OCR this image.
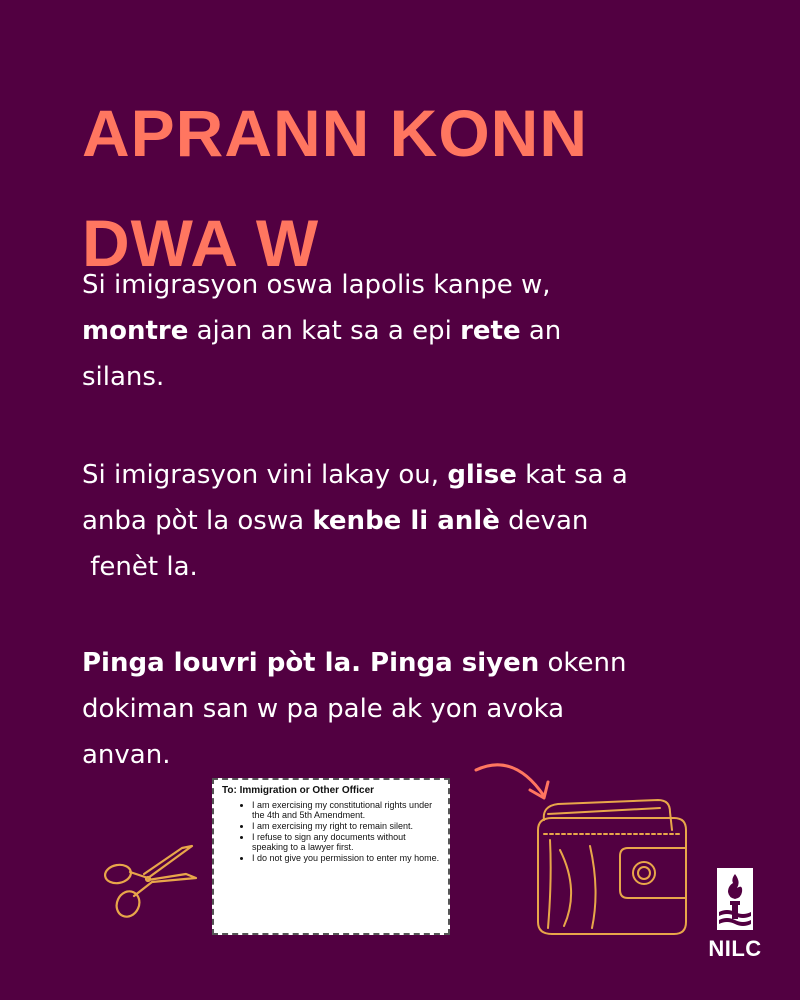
APRANN KONN
DWA W
Si imigrasyon oswa lapolis kanpe w,
montre ajan an kat sa a epi rete an
silans.
Si imigrasyon vini lakay ou, glise kat sa a
anba pòt la oswa kenbe li anlè devan
fenèt la.
Pinga louvri pòt la. Pinga siyen okenn
dokiman san w pa pale ak yon avoka
anvan.

To: Immigration or Other Officer

• I am exercising my constitutional rights under the 4th and 5th Amendment.
• I am exercising my right to remain silent.
• I refuse to sign any documents without speaking to a lawyer first.
• I do not give you permission to enter my home.
NILC
